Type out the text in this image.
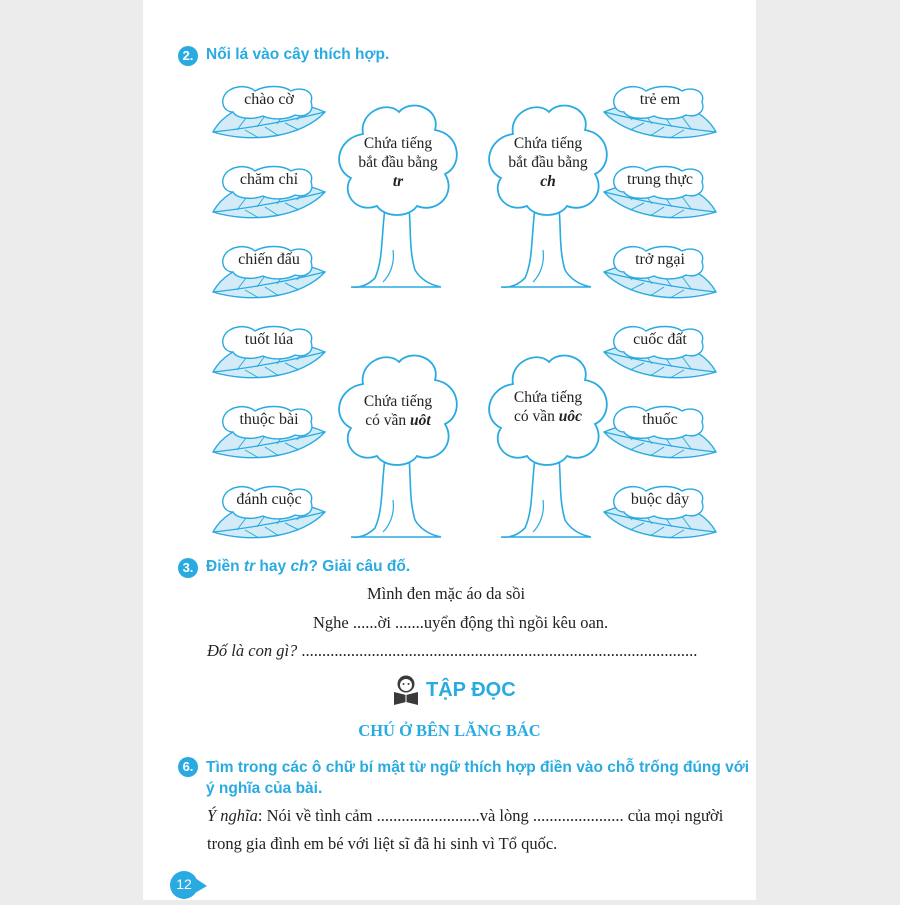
2. Nối lá vào cây thích hợp.
chào cờ
chăm chỉ
chiến đấu
tuốt lúa
thuộc bài
đánh cuộc
trẻ em
trung thực
trở ngại
cuốc đất
thuốc
buộc dây
Chứa tiếng
bắt đầu bằng
tr
Chứa tiếng
bắt đầu bằng
ch
Chứa tiếng
có vần uôt
Chứa tiếng
có vần uôc
3. Điền tr hay ch? Giải câu đố.
Mình đen mặc áo da sồi
Nghe ......ời .......uyển động thì ngồi kêu oan.
Đố là con gì? ................................................................................................
TẬP ĐỌC
CHÚ Ở BÊN LĂNG BÁC
6. Tìm trong các ô chữ bí mật từ ngữ thích hợp điền vào chỗ trống đúng với
ý nghĩa của bài.
Ý nghĩa: Nói về tình cảm .........................và lòng ...................... của mọi người
trong gia đình em bé với liệt sĩ đã hi sinh vì Tổ quốc.
12
